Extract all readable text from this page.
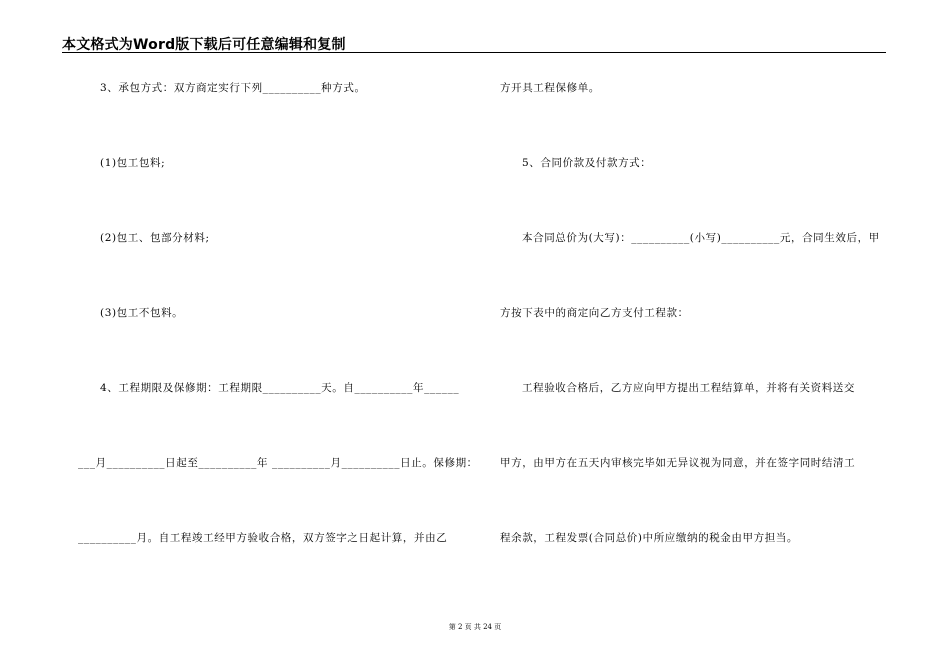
本文格式为Word版下载后可任意编辑和复制
3、承包方式：双方商定实行下列__________种方式。
(1)包工包料;
(2)包工、包部分材料;
(3)包工不包料。
4、工程期限及保修期：工程期限__________天。自__________年______
___月__________日起至__________年 __________月__________日止。保修期：
__________月。自工程竣工经甲方验收合格，双方签字之日起计算，并由乙
方开具工程保修单。
5、合同价款及付款方式：
本合同总价为(大写)：__________(小写)__________元，合同生效后，甲
方按下表中的商定向乙方支付工程款：
工程验收合格后，乙方应向甲方提出工程结算单，并将有关资料送交
甲方，由甲方在五天内审核完毕如无异议视为同意，并在签字同时结清工
程余款，工程发票(合同总价)中所应缴纳的税金由甲方担当。
第 2 页 共 24 页
